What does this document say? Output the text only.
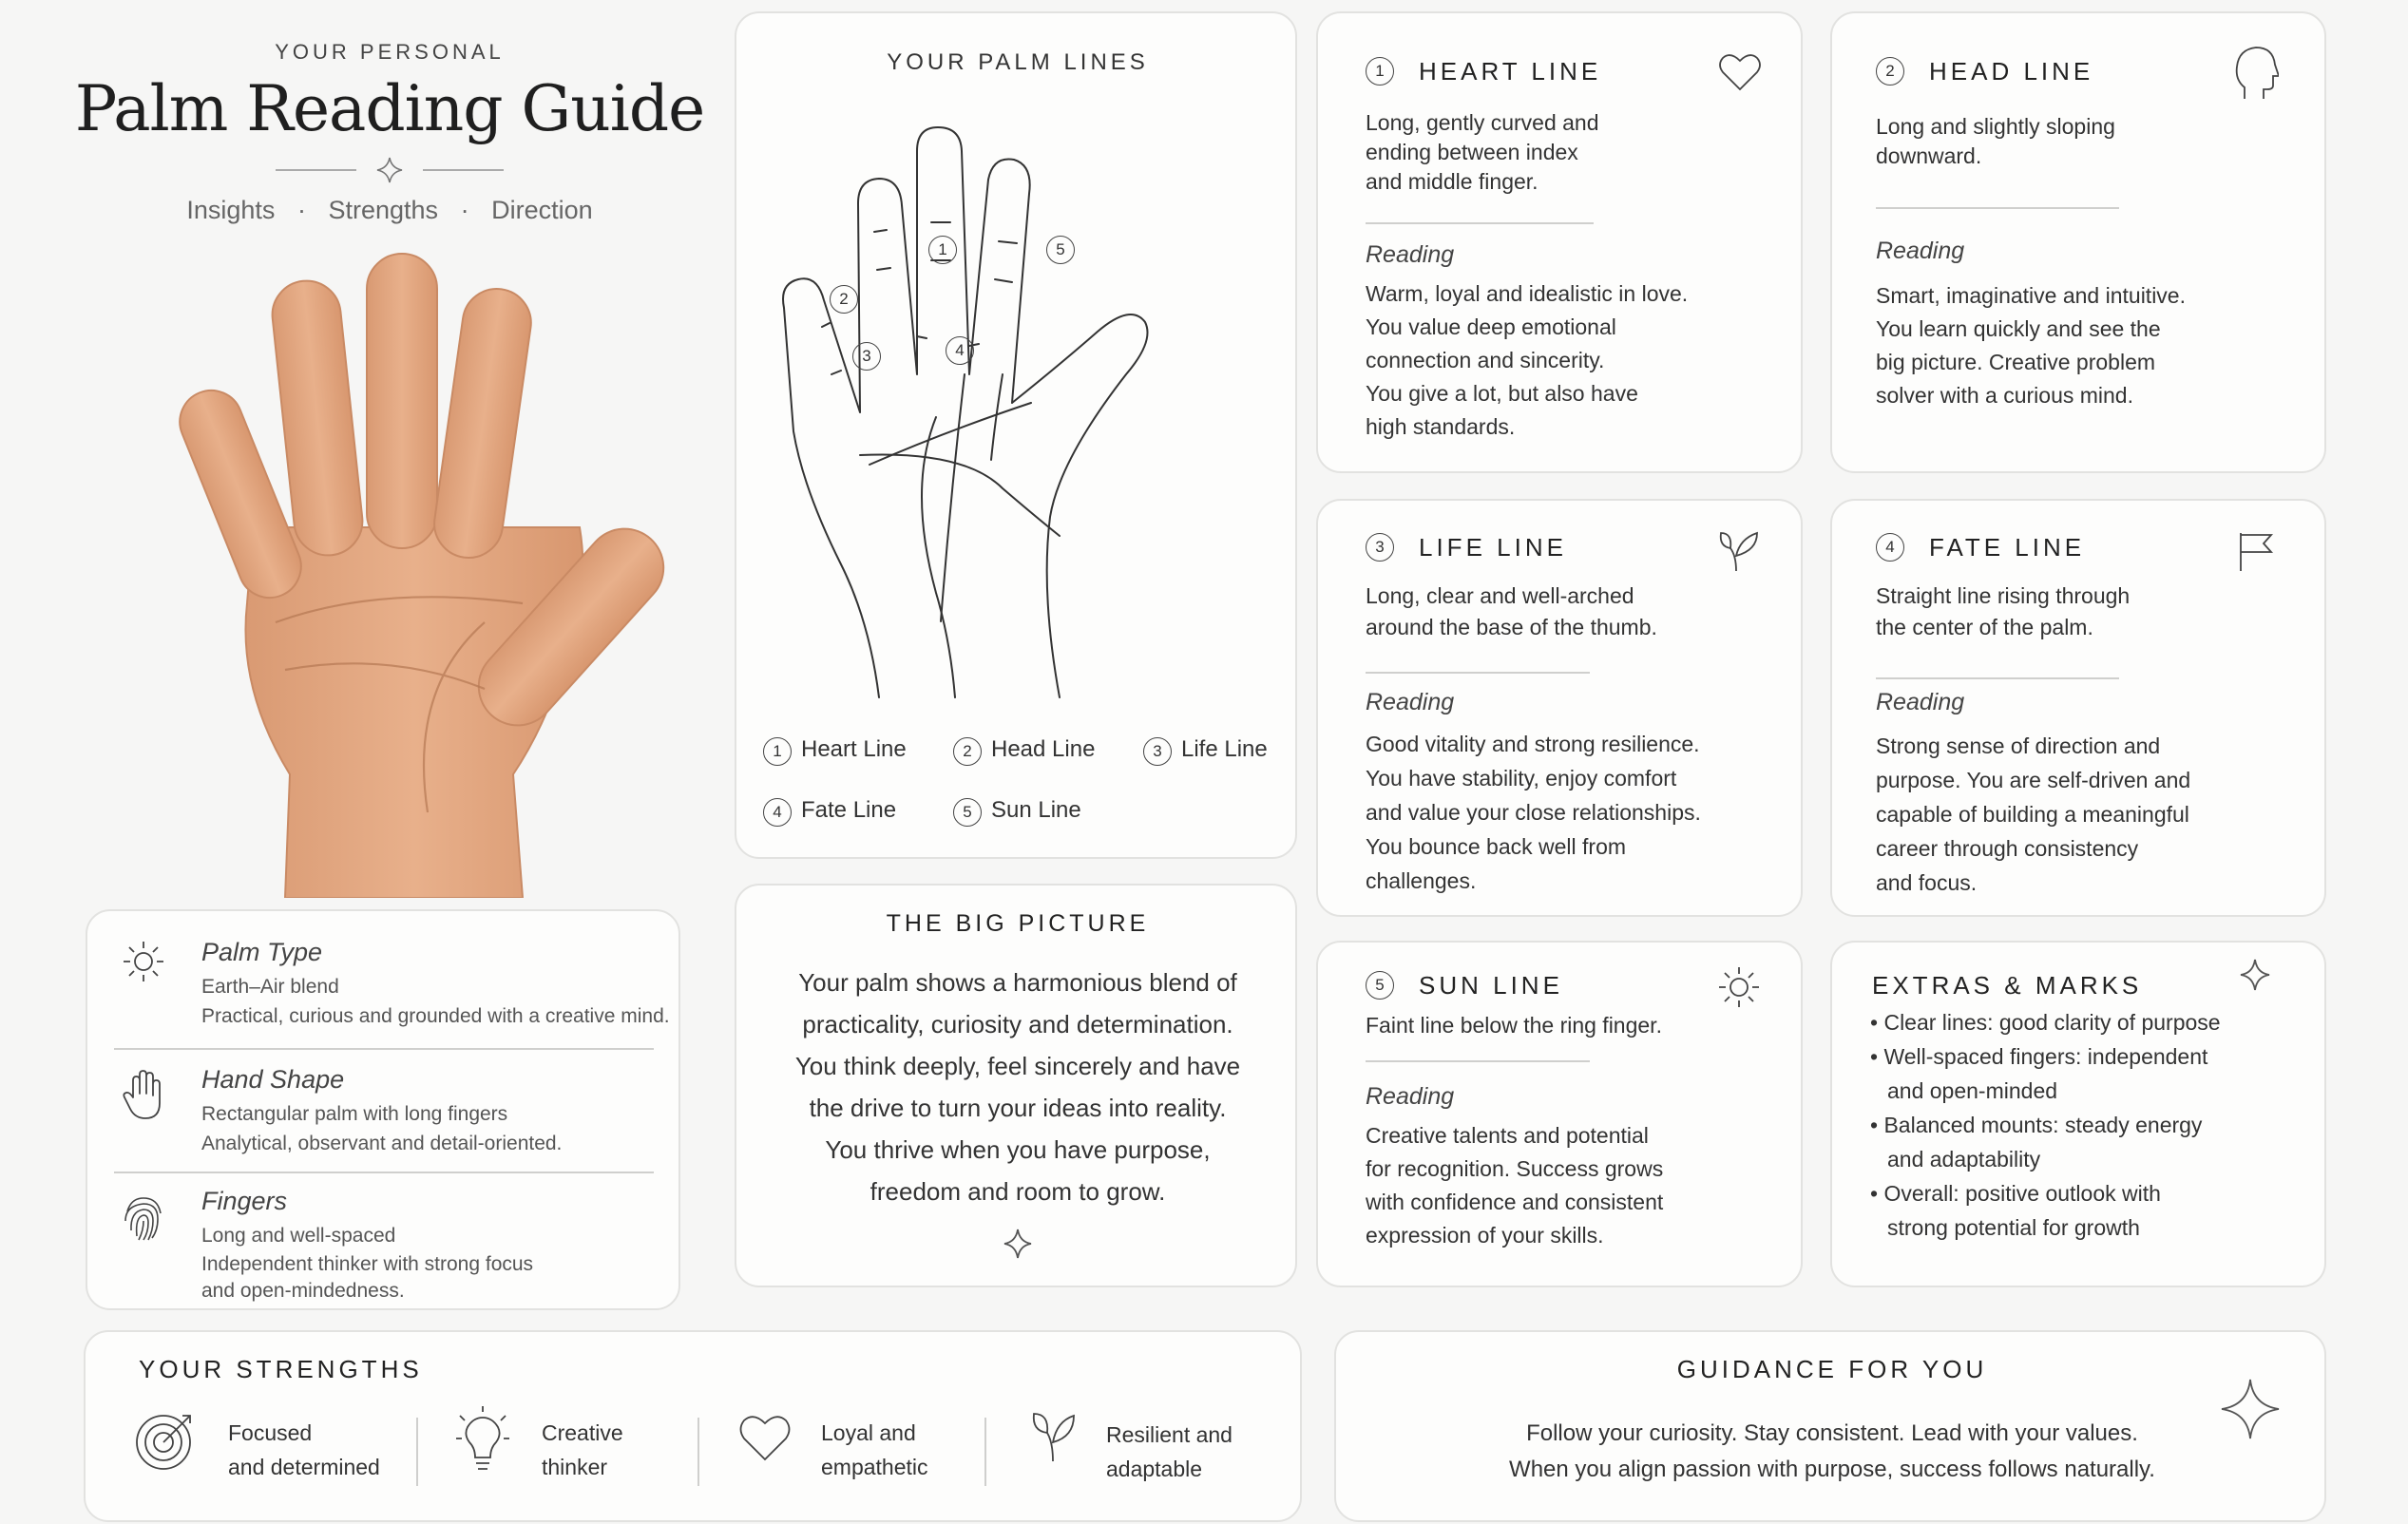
YOUR PERSONAL
Palm Reading Guide
Insights · Strengths · Direction
Palm Type
Earth–Air blend
Practical, curious and grounded with a creative mind.
Hand Shape
Rectangular palm with long fingers
Analytical, observant and detail-oriented.
Fingers
Long and well-spaced
Independent thinker with strong focus
and open-mindedness.
YOUR PALM LINES
1
2
3	4
5
1 Heart Line	2 Head Line	3 Life Line
4 Fate Line	5 Sun Line
THE BIG PICTURE
Your palm shows a harmonious blend of
practicality, curiosity and determination.
You think deeply, feel sincerely and have
the drive to turn your ideas into reality.
You thrive when you have purpose,
freedom and room to grow.
1	HEART LINE
Long, gently curved and
ending between index
and middle finger.
Reading
Warm, loyal and idealistic in love.
You value deep emotional
connection and sincerity.
You give a lot, but also have
high standards.
2	HEAD LINE
Long and slightly sloping
downward.
Reading
Smart, imaginative and intuitive.
You learn quickly and see the
big picture. Creative problem
solver with a curious mind.
3	LIFE LINE
Long, clear and well-arched
around the base of the thumb.
Reading
Good vitality and strong resilience.
You have stability, enjoy comfort
and value your close relationships.
You bounce back well from
challenges.
4	FATE LINE
Straight line rising through
the center of the palm.
Reading
Strong sense of direction and
purpose. You are self-driven and
capable of building a meaningful
career through consistency
and focus.
5	SUN LINE
Faint line below the ring finger.
Reading
Creative talents and potential
for recognition. Success grows
with confidence and consistent
expression of your skills.
EXTRAS & MARKS
• Clear lines: good clarity of purpose
• Well-spaced fingers: independent
and open-minded
• Balanced mounts: steady energy
and adaptability
• Overall: positive outlook with
strong potential for growth
YOUR STRENGTHS
Focused
and determined
Creative
thinker
Loyal and
empathetic
Resilient and
adaptable
GUIDANCE FOR YOU
Follow your curiosity. Stay consistent. Lead with your values.
When you align passion with purpose, success follows naturally.
